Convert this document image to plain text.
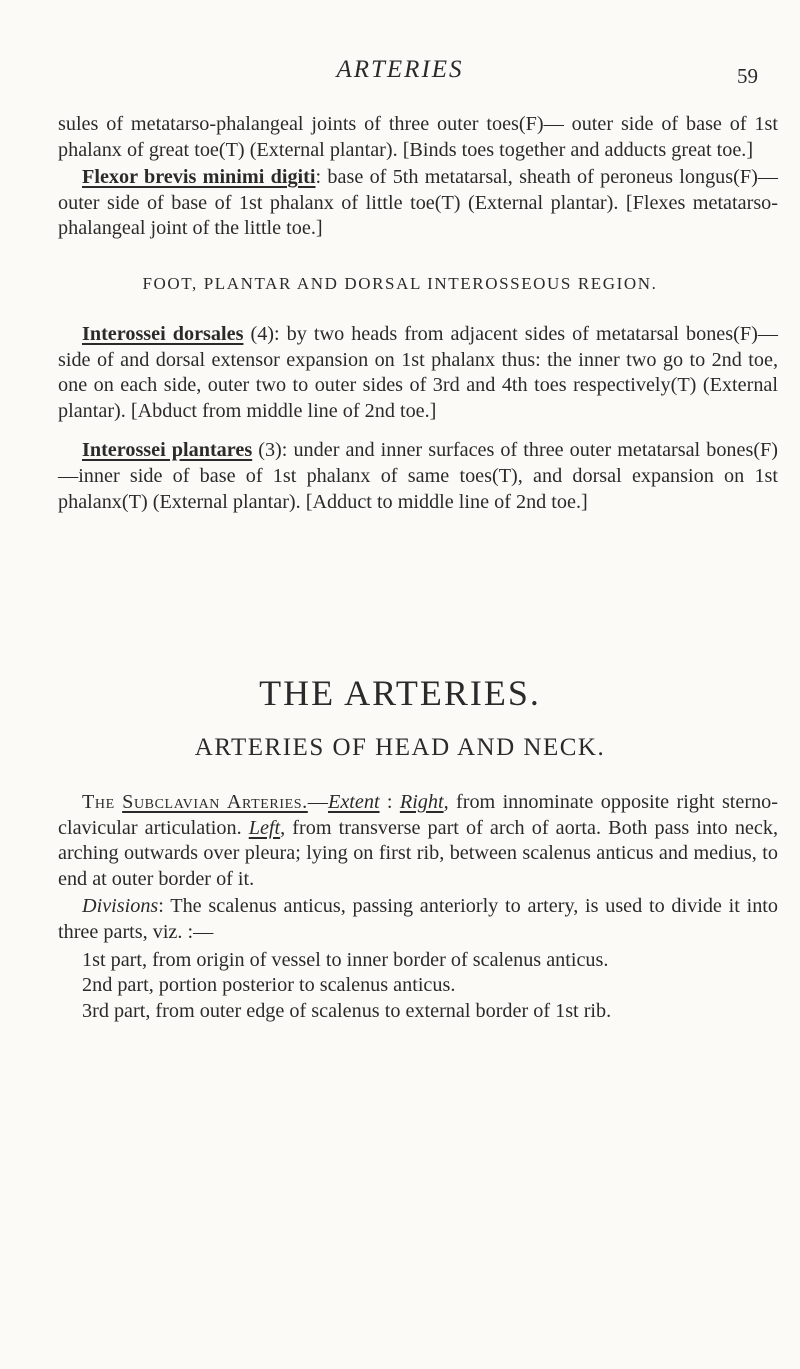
ARTERIES	59

sules of metatarso-phalangeal joints of three outer toes(F)— outer side of base of 1st phalanx of great toe(T) (External plantar). [Binds toes together and adducts great toe.]

Flexor brevis minimi digiti: base of 5th metatarsal, sheath of peroneus longus(F)—outer side of base of 1st phalanx of little toe(T) (External plantar). [Flexes metatarso-phalangeal joint of the little toe.]

FOOT, PLANTAR AND DORSAL INTEROSSEOUS REGION.

Interossei dorsales (4): by two heads from adjacent sides of metatarsal bones(F)—side of and dorsal extensor expansion on 1st phalanx thus: the inner two go to 2nd toe, one on each side, outer two to outer sides of 3rd and 4th toes respectively(T) (External plantar). [Abduct from middle line of 2nd toe.]

Interossei plantares (3): under and inner surfaces of three outer metatarsal bones(F)—inner side of base of 1st phalanx of same toes(T), and dorsal expansion on 1st phalanx(T) (External plantar). [Adduct to middle line of 2nd toe.]

THE ARTERIES.
ARTERIES OF HEAD AND NECK.

The Subclavian Arteries.—Extent : Right, from innominate opposite right sterno-clavicular articulation. Left, from transverse part of arch of aorta. Both pass into neck, arching outwards over pleura; lying on first rib, between scalenus anticus and medius, to end at outer border of it.

Divisions: The scalenus anticus, passing anteriorly to artery, is used to divide it into three parts, viz. :—

1st part, from origin of vessel to inner border of scalenus anticus.

2nd part, portion posterior to scalenus anticus.

3rd part, from outer edge of scalenus to external border of 1st rib.
